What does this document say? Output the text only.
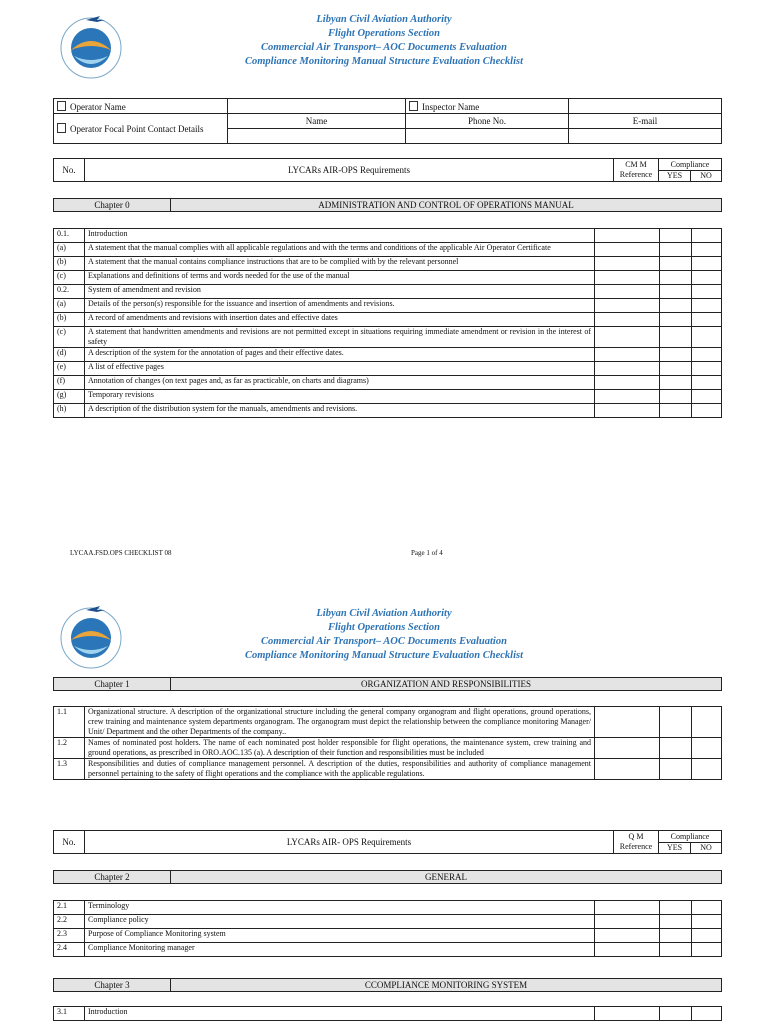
Libyan Civil Aviation Authority
Flight Operations Section
Commercial Air Transport– AOC Documents Evaluation
Compliance Monitoring Manual Structure Evaluation Checklist
Operator Name		Inspector Name	
Operator Focal Point Contact Details	Name	Phone No.	E-mail

No.	LYCARs AIR-OPS Requirements	CM M
Reference	Compliance	
			YES	NO
Chapter 0	ADMINISTRATION AND CONTROL OF OPERATIONS MANUAL
0.1.	Introduction			
(a)	A statement that the manual complies with all applicable regulations and with the terms and conditions of the applicable Air Operator Certificate			
(b)	A statement that the manual contains compliance instructions that are to be complied with by the relevant personnel			
(c)	Explanations and definitions of terms and words needed for the use of the manual			
0.2.	System of amendment and revision			
(a)	Details of the person(s) responsible for the issuance and insertion of amendments and revisions.			
(b)	A record of amendments and revisions with insertion dates and effective dates			
(c)	A statement that handwritten amendments and revisions are not permitted except in situations requiring immediate amendment or revision in the interest of safety			
(d)	A description of the system for the annotation of pages and their effective dates.			
(e)	A list of effective pages			
(f)	Annotation of changes (on text pages and, as far as practicable, on charts and diagrams)			
(g)	Temporary revisions			
(h)	A description of the distribution system for the manuals, amendments and revisions.			
LYCAA.FSD.OPS CHECKLIST 08	Page 1 of 4
Libyan Civil Aviation Authority
Flight Operations Section
Commercial Air Transport– AOC Documents Evaluation
Compliance Monitoring Manual Structure Evaluation Checklist
Chapter 1	ORGANIZATION AND RESPONSIBILITIES
1.1	Organizational structure. A description of the organizational structure including the general company organogram and flight operations, ground operations, crew training and maintenance system departments organogram. The organogram must depict the relationship between the compliance monitoring Manager/ Unit/ Department and the other Departments of the company..			
1.2	Names of nominated post holders. The name of each nominated post holder responsible for flight operations, the maintenance system, crew training and ground operations, as prescribed in ORO.AOC.135 (a). A description of their function and responsibilities must be included			
1.3	Responsibilities and duties of compliance management personnel. A description of the duties, responsibilities and authority of compliance management personnel pertaining to the safety of flight operations and the compliance with the applicable regulations.			
No.	LYCARs AIR- OPS Requirements	Q M
Reference	Compliance	
			YES	NO
Chapter 2	GENERAL
2.1	Terminology			
2.2	Compliance policy			
2.3	Purpose of Compliance Monitoring system			
2.4	Compliance Monitoring manager			
Chapter 3	CCOMPLIANCE MONITORING SYSTEM
3.1	Introduction			
